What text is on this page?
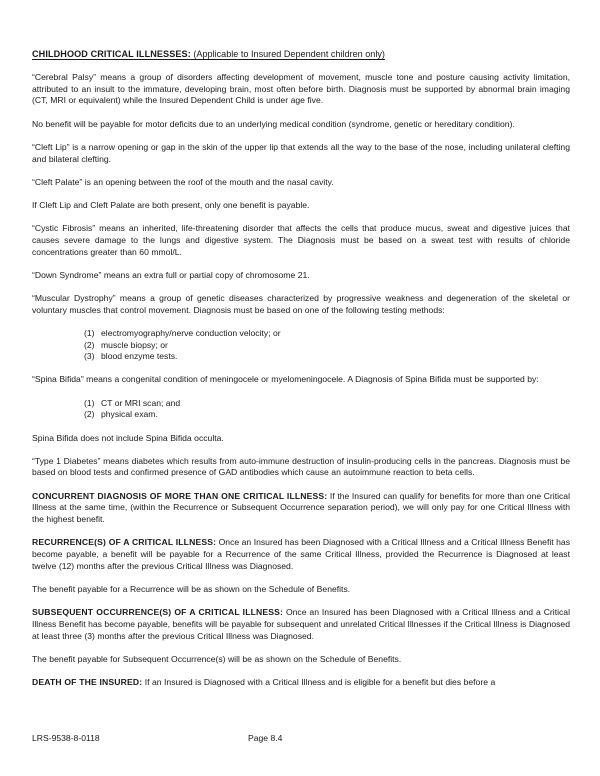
CHILDHOOD CRITICAL ILLNESSES: (Applicable to Insured Dependent children only)

“Cerebral Palsy” means a group of disorders affecting development of movement, muscle tone and posture causing activity limitation, attributed to an insult to the immature, developing brain, most often before birth. Diagnosis must be supported by abnormal brain imaging (CT, MRI or equivalent) while the Insured Dependent Child is under age five.

No benefit will be payable for motor deficits due to an underlying medical condition (syndrome, genetic or hereditary condition).

“Cleft Lip” is a narrow opening or gap in the skin of the upper lip that extends all the way to the base of the nose, including unilateral clefting and bilateral clefting.

“Cleft Palate” is an opening between the roof of the mouth and the nasal cavity.

If Cleft Lip and Cleft Palate are both present, only one benefit is payable.

“Cystic Fibrosis” means an inherited, life-threatening disorder that affects the cells that produce mucus, sweat and digestive juices that causes severe damage to the lungs and digestive system. The Diagnosis must be based on a sweat test with results of chloride concentrations greater than 60 mmol/L.

“Down Syndrome” means an extra full or partial copy of chromosome 21.

“Muscular Dystrophy” means a group of genetic diseases characterized by progressive weakness and degeneration of the skeletal or voluntary muscles that control movement. Diagnosis must be based on one of the following testing methods:

(1) electromyography/nerve conduction velocity; or
(2) muscle biopsy; or
(3) blood enzyme tests.

“Spina Bifida” means a congenital condition of meningocele or myelomeningocele. A Diagnosis of Spina Bifida must be supported by:

(1) CT or MRI scan; and
(2) physical exam.

Spina Bifida does not include Spina Bifida occulta.

“Type 1 Diabetes” means diabetes which results from auto-immune destruction of insulin-producing cells in the pancreas. Diagnosis must be based on blood tests and confirmed presence of GAD antibodies which cause an autoimmune reaction to beta cells.

CONCURRENT DIAGNOSIS OF MORE THAN ONE CRITICAL ILLNESS: If the Insured can qualify for benefits for more than one Critical Illness at the same time, (within the Recurrence or Subsequent Occurrence separation period), we will only pay for one Critical Illness with the highest benefit.

RECURRENCE(S) OF A CRITICAL ILLNESS: Once an Insured has been Diagnosed with a Critical Illness and a Critical Illness Benefit has become payable, a benefit will be payable for a Recurrence of the same Critical Illness, provided the Recurrence is Diagnosed at least twelve (12) months after the previous Critical Illness was Diagnosed.

The benefit payable for a Recurrence will be as shown on the Schedule of Benefits.

SUBSEQUENT OCCURRENCE(S) OF A CRITICAL ILLNESS: Once an Insured has been Diagnosed with a Critical Illness and a Critical Illness Benefit has become payable, benefits will be payable for subsequent and unrelated Critical Illnesses if the Critical Illness is Diagnosed at least three (3) months after the previous Critical Illness was Diagnosed.

The benefit payable for Subsequent Occurrence(s) will be as shown on the Schedule of Benefits.

DEATH OF THE INSURED: If an Insured is Diagnosed with a Critical Illness and is eligible for a benefit but dies before a

LRS-9538-8-0118	Page 8.4
